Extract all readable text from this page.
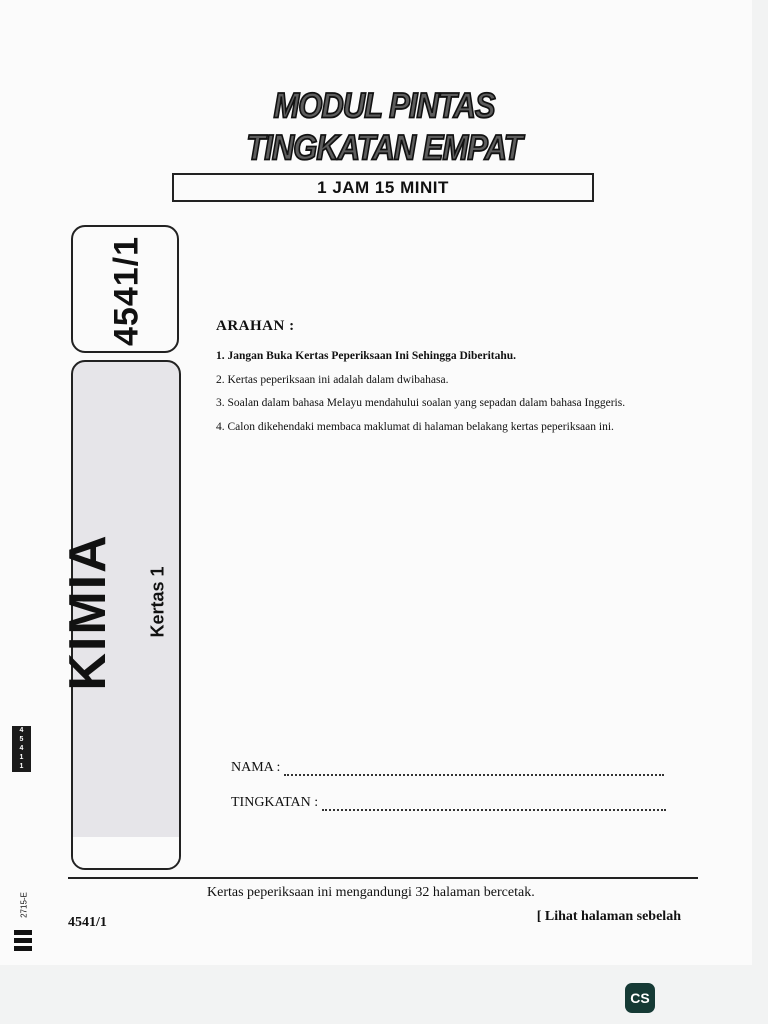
MODUL PINTAS
TINGKATAN EMPAT
1 JAM 15 MINIT
4541/1
KIMIA Kertas 1
ARAHAN :
1. Jangan Buka Kertas Peperiksaan Ini Sehingga Diberitahu.
2. Kertas peperiksaan ini adalah dalam dwibahasa.
3. Soalan dalam bahasa Melayu mendahului soalan yang sepadan dalam bahasa Inggeris.
4. Calon dikehendaki membaca maklumat di halaman belakang kertas peperiksaan ini.
NAMA :
TINGKATAN :
Kertas peperiksaan ini mengandungi 32 halaman bercetak.
4541/1	[ Lihat halaman sebelah
4
5
4
1
1
2715-E
CS
